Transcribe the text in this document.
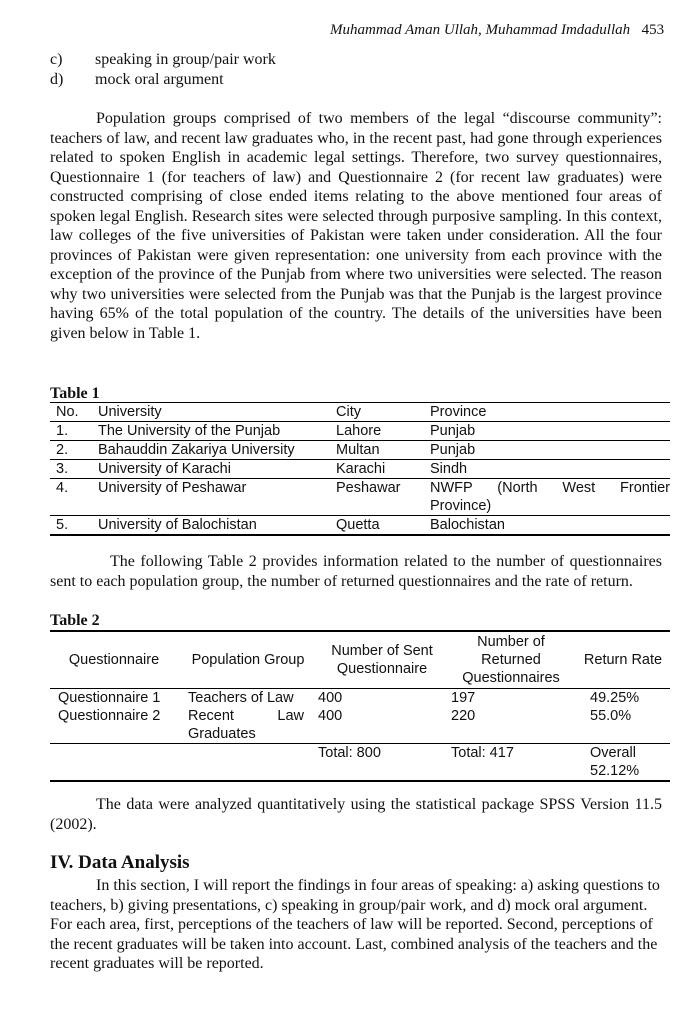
Muhammad Aman Ullah, Muhammad Imdadullah 453
c) speaking in group/pair work
d) mock oral argument
Population groups comprised of two members of the legal “discourse community”: teachers of law, and recent law graduates who, in the recent past, had gone through experiences related to spoken English in academic legal settings. Therefore, two survey questionnaires, Questionnaire 1 (for teachers of law) and Questionnaire 2 (for recent law graduates) were constructed comprising of close ended items relating to the above mentioned four areas of spoken legal English. Research sites were selected through purposive sampling. In this context, law colleges of the five universities of Pakistan were taken under consideration. All the four provinces of Pakistan were given representation: one university from each province with the exception of the province of the Punjab from where two universities were selected. The reason why two universities were selected from the Punjab was that the Punjab is the largest province having 65% of the total population of the country. The details of the universities have been given below in Table 1.
Table 1
No.	University	City	Province
1.	The University of the Punjab	Lahore	Punjab
2.	Bahauddin Zakariya University	Multan	Punjab
3.	University of Karachi	Karachi	Sindh
4.	University of Peshawar	Peshawar	NWFP (North West Frontier Province)
5.	University of Balochistan	Quetta	Balochistan
The following Table 2 provides information related to the number of questionnaires sent to each population group, the number of returned questionnaires and the rate of return.
Table 2
Questionnaire	Population Group	Number of Sent Questionnaire	Number of Returned Questionnaires	Return Rate
Questionnaire 1	Teachers of Law	400	197	49.25%
Questionnaire 2	Recent Law Graduates	400	220	55.0%
		Total: 800	Total: 417	Overall 52.12%
The data were analyzed quantitatively using the statistical package SPSS Version 11.5 (2002).
IV. Data Analysis
In this section, I will report the findings in four areas of speaking: a) asking questions to teachers, b) giving presentations, c) speaking in group/pair work, and d) mock oral argument. For each area, first, perceptions of the teachers of law will be reported. Second, perceptions of the recent graduates will be taken into account. Last, combined analysis of the teachers and the recent graduates will be reported.
